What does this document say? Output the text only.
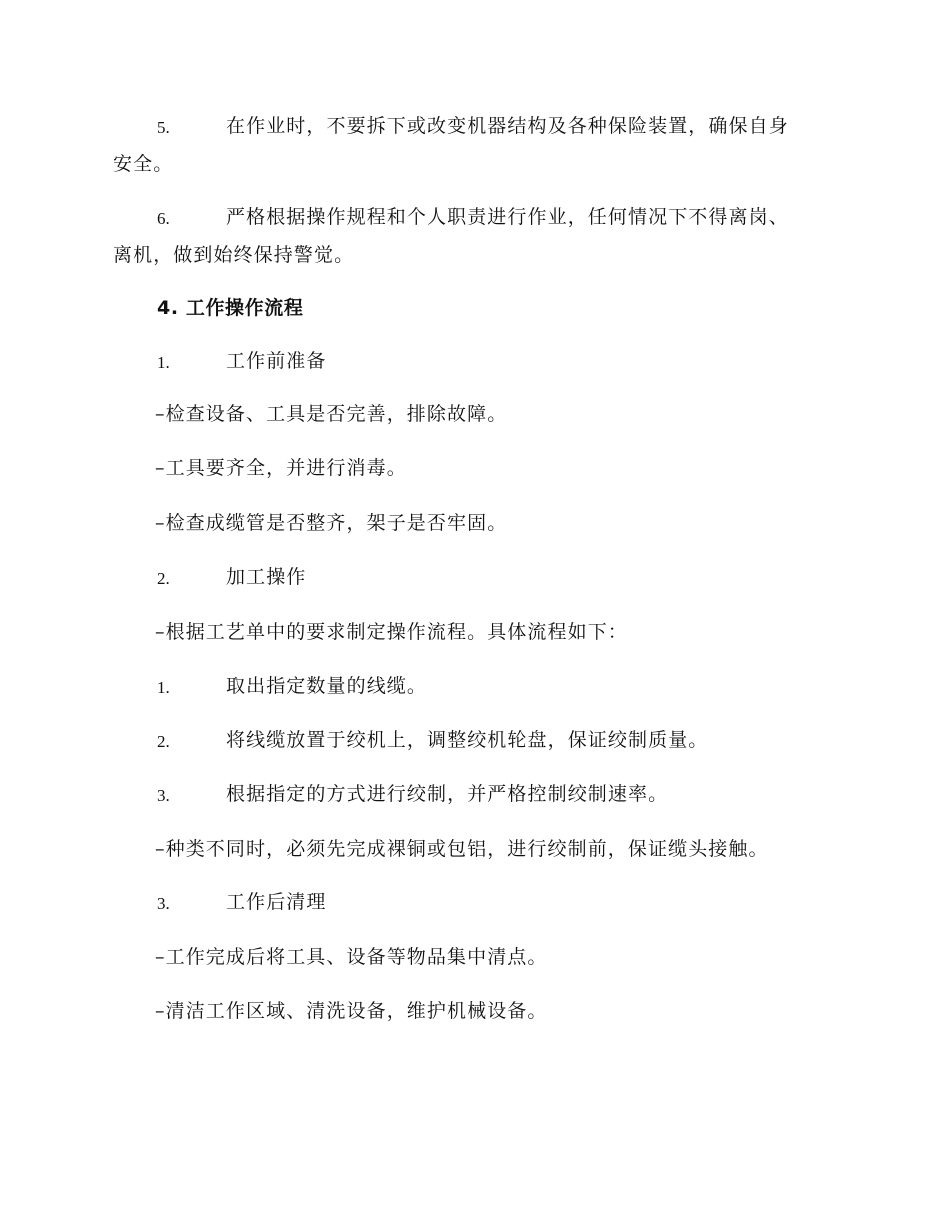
5.	在作业时，不要拆下或改变机器结构及各种保险装置，确保自身
安全。
6.	严格根据操作规程和个人职责进行作业，任何情况下不得离岗、
离机，做到始终保持警觉。
4. 工作操作流程
1.	工作前准备
–检查设备、工具是否完善，排除故障。
–工具要齐全，并进行消毒。
–检查成缆管是否整齐，架子是否牢固。
2.	加工操作
–根据工艺单中的要求制定操作流程。具体流程如下：
1.	取出指定数量的线缆。
2.	将线缆放置于绞机上，调整绞机轮盘，保证绞制质量。
3.	根据指定的方式进行绞制，并严格控制绞制速率。
–种类不同时，必须先完成裸铜或包铝，进行绞制前，保证缆头接触。
3.	工作后清理
–工作完成后将工具、设备等物品集中清点。
–清洁工作区域、清洗设备，维护机械设备。
